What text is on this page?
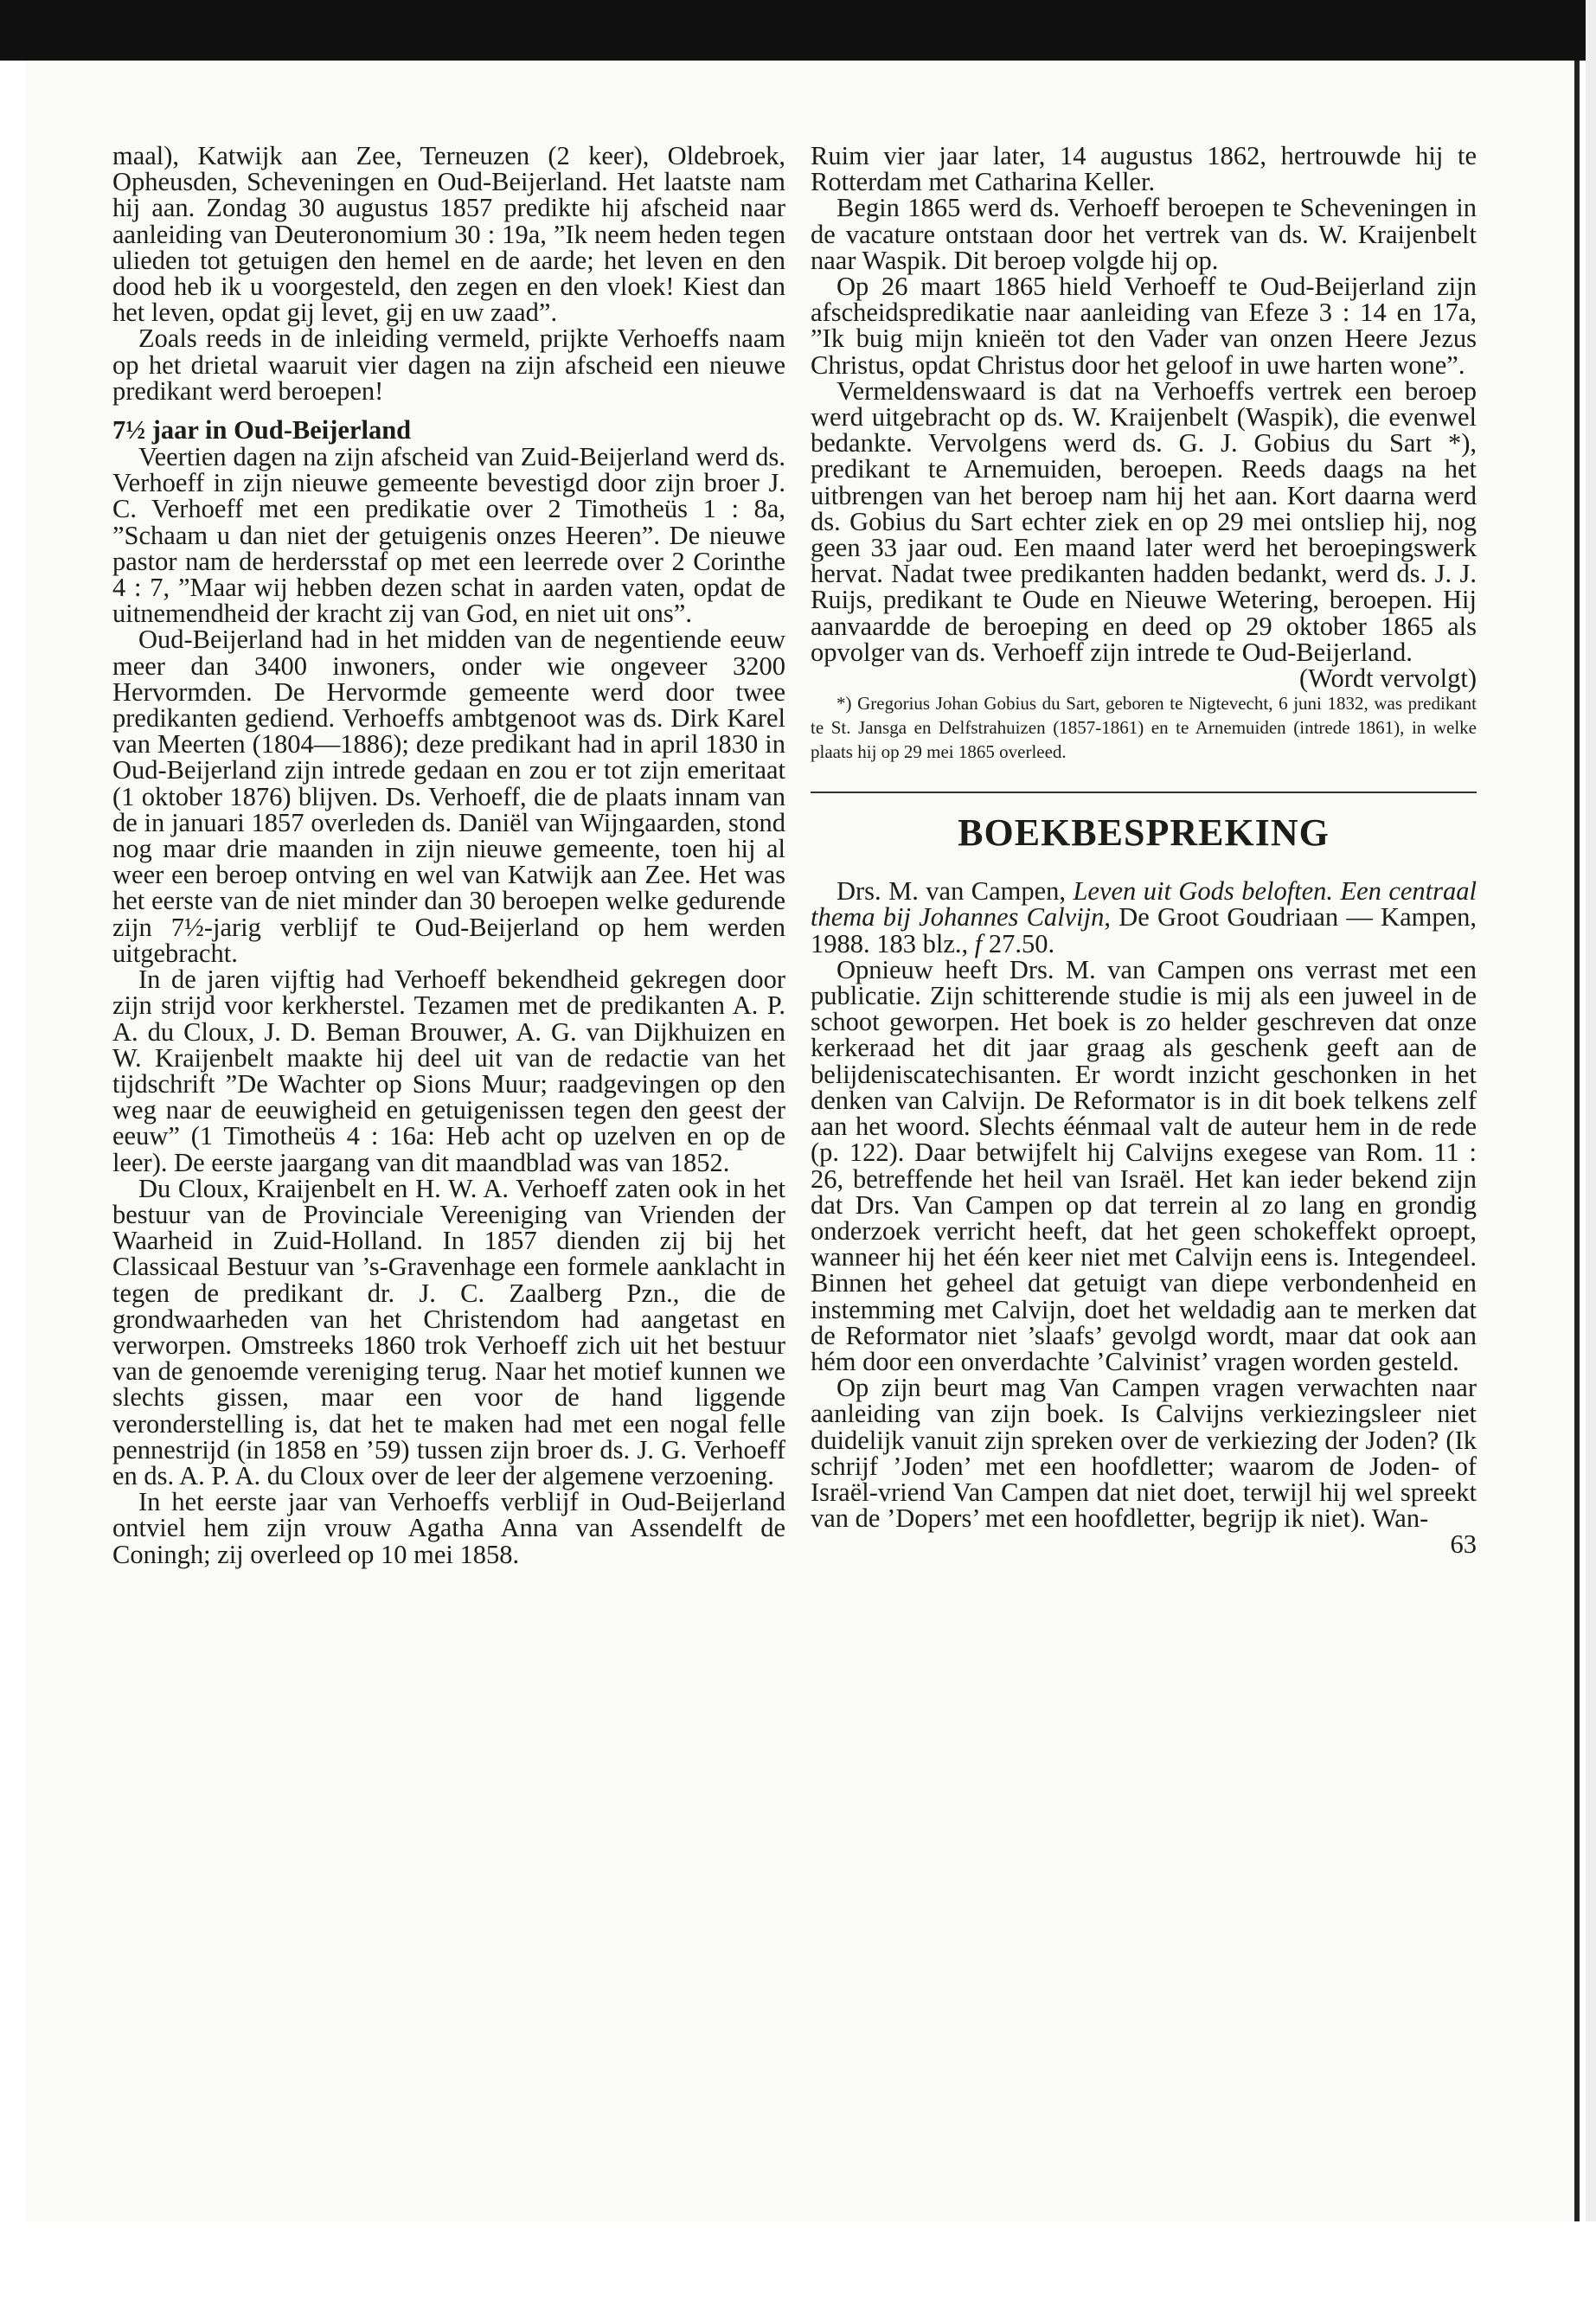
maal), Katwijk aan Zee, Terneuzen (2 keer), Oldebroek, Opheusden, Scheveningen en Oud-Beijerland. Het laatste nam hij aan. Zondag 30 augustus 1857 predikte hij afscheid naar aanleiding van Deuteronomium 30 : 19a, ”Ik neem heden tegen ulieden tot getuigen den hemel en de aarde; het leven en den dood heb ik u voorgesteld, den zegen en den vloek! Kiest dan het leven, opdat gij levet, gij en uw zaad”.

Zoals reeds in de inleiding vermeld, prijkte Verhoeffs naam op het drietal waaruit vier dagen na zijn afscheid een nieuwe predikant werd beroepen!

7½ jaar in Oud-Beijerland

Veertien dagen na zijn afscheid van Zuid-Beijerland werd ds. Verhoeff in zijn nieuwe gemeente bevestigd door zijn broer J. C. Verhoeff met een predikatie over 2 Timotheüs 1 : 8a, ”Schaam u dan niet der getuigenis onzes Heeren”. De nieuwe pastor nam de herdersstaf op met een leerrede over 2 Corinthe 4 : 7, ”Maar wij hebben dezen schat in aarden vaten, opdat de uitnemendheid der kracht zij van God, en niet uit ons”.

Oud-Beijerland had in het midden van de negentiende eeuw meer dan 3400 inwoners, onder wie ongeveer 3200 Hervormden. De Hervormde gemeente werd door twee predikanten gediend. Verhoeffs ambtgenoot was ds. Dirk Karel van Meerten (1804—1886); deze predikant had in april 1830 in Oud-Beijerland zijn intrede gedaan en zou er tot zijn emeritaat (1 oktober 1876) blijven. Ds. Verhoeff, die de plaats innam van de in januari 1857 overleden ds. Daniël van Wijngaarden, stond nog maar drie maanden in zijn nieuwe gemeente, toen hij al weer een beroep ontving en wel van Katwijk aan Zee. Het was het eerste van de niet minder dan 30 beroepen welke gedurende zijn 7½-jarig verblijf te Oud-Beijerland op hem werden uitgebracht.

In de jaren vijftig had Verhoeff bekendheid gekregen door zijn strijd voor kerkherstel. Tezamen met de predikanten A. P. A. du Cloux, J. D. Beman Brouwer, A. G. van Dijkhuizen en W. Kraijenbelt maakte hij deel uit van de redactie van het tijdschrift ”De Wachter op Sions Muur; raadgevingen op den weg naar de eeuwigheid en getuigenissen tegen den geest der eeuw” (1 Timotheüs 4 : 16a: Heb acht op uzelven en op de leer). De eerste jaargang van dit maandblad was van 1852.

Du Cloux, Kraijenbelt en H. W. A. Verhoeff zaten ook in het bestuur van de Provinciale Vereeniging van Vrienden der Waarheid in Zuid-Holland. In 1857 dienden zij bij het Classicaal Bestuur van ’s-Gravenhage een formele aanklacht in tegen de predikant dr. J. C. Zaalberg Pzn., die de grondwaarheden van het Christendom had aangetast en verworpen. Omstreeks 1860 trok Verhoeff zich uit het bestuur van de genoemde vereniging terug. Naar het motief kunnen we slechts gissen, maar een voor de hand liggende veronderstelling is, dat het te maken had met een nogal felle pennestrijd (in 1858 en ’59) tussen zijn broer ds. J. G. Verhoeff en ds. A. P. A. du Cloux over de leer der algemene verzoening.

In het eerste jaar van Verhoeffs verblijf in Oud-Beijerland ontviel hem zijn vrouw Agatha Anna van Assendelft de Coningh; zij overleed op 10 mei 1858.

Ruim vier jaar later, 14 augustus 1862, hertrouwde hij te Rotterdam met Catharina Keller.

Begin 1865 werd ds. Verhoeff beroepen te Scheveningen in de vacature ontstaan door het vertrek van ds. W. Kraijenbelt naar Waspik. Dit beroep volgde hij op.

Op 26 maart 1865 hield Verhoeff te Oud-Beijerland zijn afscheidspredikatie naar aanleiding van Efeze 3 : 14 en 17a, ”Ik buig mijn knieën tot den Vader van onzen Heere Jezus Christus, opdat Christus door het geloof in uwe harten wone”.

Vermeldenswaard is dat na Verhoeffs vertrek een beroep werd uitgebracht op ds. W. Kraijenbelt (Waspik), die evenwel bedankte. Vervolgens werd ds. G. J. Gobius du Sart *), predikant te Arnemuiden, beroepen. Reeds daags na het uitbrengen van het beroep nam hij het aan. Kort daarna werd ds. Gobius du Sart echter ziek en op 29 mei ontsliep hij, nog geen 33 jaar oud. Een maand later werd het beroepingswerk hervat. Nadat twee predikanten hadden bedankt, werd ds. J. J. Ruijs, predikant te Oude en Nieuwe Wetering, beroepen. Hij aanvaardde de beroeping en deed op 29 oktober 1865 als opvolger van ds. Verhoeff zijn intrede te Oud-Beijerland.

(Wordt vervolgt)

*) Gregorius Johan Gobius du Sart, geboren te Nigtevecht, 6 juni 1832, was predikant te St. Jansga en Delfstrahuizen (1857-1861) en te Arnemuiden (intrede 1861), in welke plaats hij op 29 mei 1865 overleed.

BOEKBESPREKING

Drs. M. van Campen, Leven uit Gods beloften. Een centraal thema bij Johannes Calvijn, De Groot Goudriaan — Kampen, 1988. 183 blz., f 27.50.

Opnieuw heeft Drs. M. van Campen ons verrast met een publicatie. Zijn schitterende studie is mij als een juweel in de schoot geworpen. Het boek is zo helder geschreven dat onze kerkeraad het dit jaar graag als geschenk geeft aan de belijdeniscatechisanten. Er wordt inzicht geschonken in het denken van Calvijn. De Reformator is in dit boek telkens zelf aan het woord. Slechts éénmaal valt de auteur hem in de rede (p. 122). Daar betwijfelt hij Calvijns exegese van Rom. 11 : 26, betreffende het heil van Israël. Het kan ieder bekend zijn dat Drs. Van Campen op dat terrein al zo lang en grondig onderzoek verricht heeft, dat het geen schokeffekt oproept, wanneer hij het één keer niet met Calvijn eens is. Integendeel. Binnen het geheel dat getuigt van diepe verbondenheid en instemming met Calvijn, doet het weldadig aan te merken dat de Reformator niet ’slaafs’ gevolgd wordt, maar dat ook aan hém door een onverdachte ’Calvinist’ vragen worden gesteld.

Op zijn beurt mag Van Campen vragen verwachten naar aanleiding van zijn boek. Is Calvijns verkiezingsleer niet duidelijk vanuit zijn spreken over de verkiezing der Joden? (Ik schrijf ’Joden’ met een hoofdletter; waarom de Joden- of Israël-vriend Van Campen dat niet doet, terwijl hij wel spreekt van de ’Dopers’ met een hoofdletter, begrijp ik niet). Wan-

63
